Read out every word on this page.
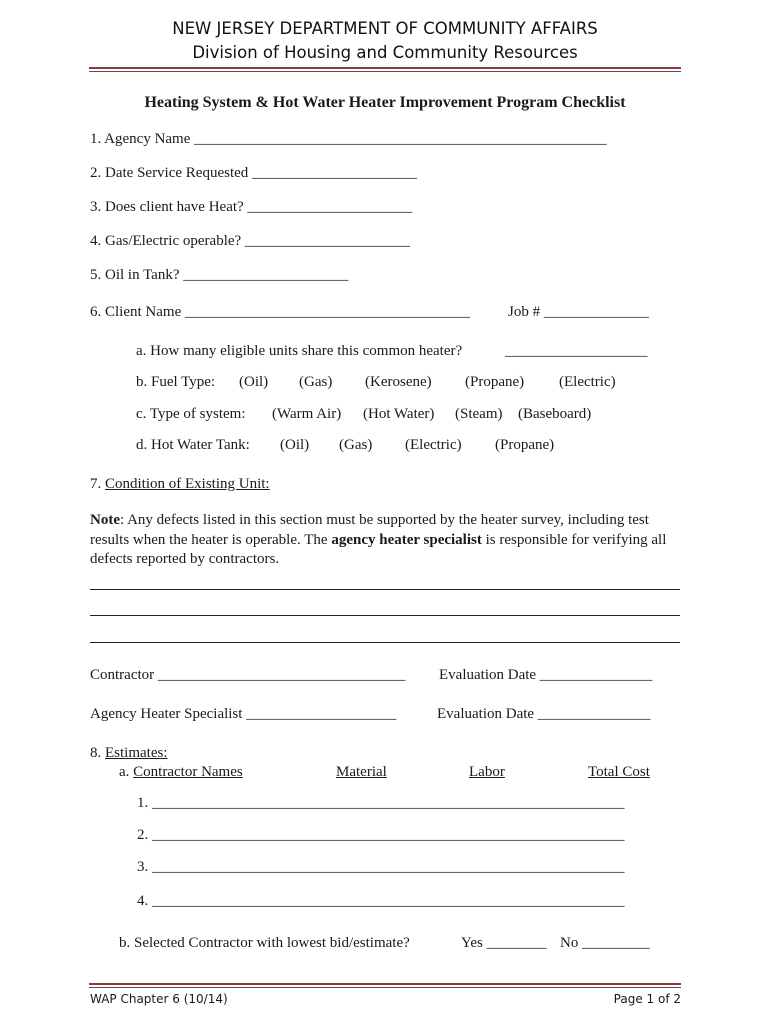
NEW JERSEY DEPARTMENT OF COMMUNITY AFFAIRS
Division of Housing and Community Resources
Heating System & Hot Water Heater Improvement Program Checklist
1. Agency Name _______________________________________________________
2. Date Service Requested ______________________
3. Does client have Heat? ______________________
4. Gas/Electric operable? ______________________
5. Oil in Tank? ______________________
6. Client Name ______________________________________	Job # ______________
a. How many eligible units share this common heater?	___________________
b. Fuel Type: (Oil) (Gas) (Kerosene) (Propane) (Electric)
c. Type of system: (Warm Air) (Hot Water) (Steam) (Baseboard)
d. Hot Water Tank: (Oil) (Gas) (Electric) (Propane)
7. Condition of Existing Unit:
Note: Any defects listed in this section must be supported by the heater survey, including test results when the heater is operable. The agency heater specialist is responsible for verifying all defects reported by contractors.
Contractor _________________________________ Evaluation Date _______________
Agency Heater Specialist ____________________	Evaluation Date _______________
8. Estimates:
a. Contractor Names	Material	Labor	Total Cost
1. _______________________________________________________________
2. _______________________________________________________________
3. _______________________________________________________________
4. _______________________________________________________________
b. Selected Contractor with lowest bid/estimate?	Yes ________ No _________
WAP Chapter 6 (10/14)	Page 1 of 2
